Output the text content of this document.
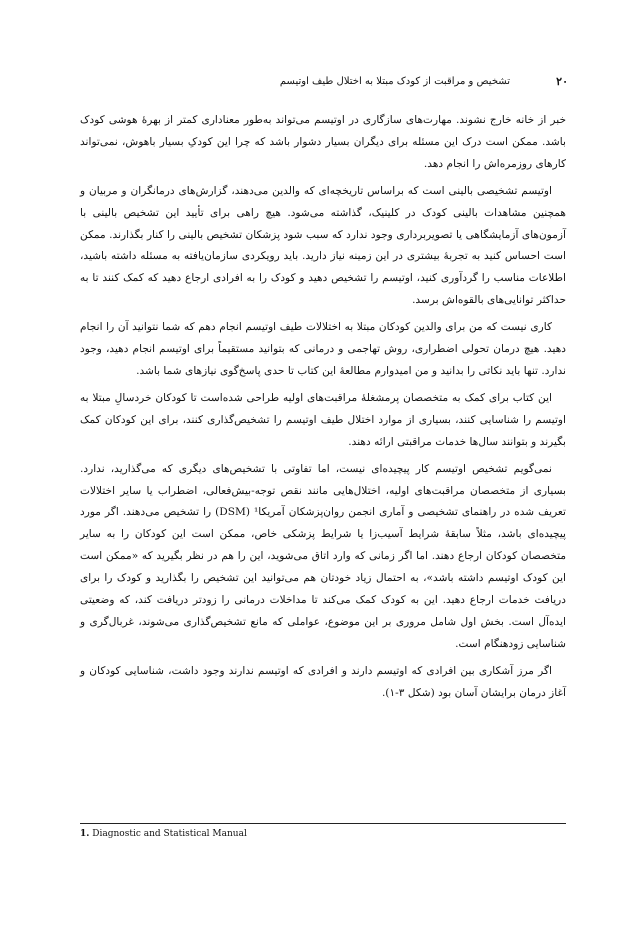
۲۰
تشخیص و مراقبت از کودک مبتلا به اختلال طیف اوتیسم

خبر از خانه خارج نشوند. مهارت‌های سازگاری در اوتیسم می‌تواند به‌طور معناداری کمتر از بهرهٔ هوشی کودک باشد. ممکن است درک این مسئله برای دیگران بسیار دشوار باشد که چرا این کودکِ بسیار باهوش، نمی‌تواند کارهای روزمره‌اش را انجام دهد.

اوتیسم تشخیصی بالینی است که براساس تاریخچه‌ای که والدین می‌دهند، گزارش‌های درمانگران و مربیان و همچنین مشاهدات بالینی کودک در کلینیک، گذاشته می‌شود. هیچ راهی برای تأیید این تشخیص بالینی با آزمون‌های آزمایشگاهی یا تصویربرداری وجود ندارد که سبب شود پزشکان تشخیص بالینی را کنار بگذارند. ممکن است احساس کنید به تجربهٔ بیشتری در این زمینه نیاز دارید. باید رویکردی سازمان‌یافته به مسئله داشته باشید، اطلاعات مناسب را گردآوری کنید، اوتیسم را تشخیص دهید و کودک را به افرادی ارجاع دهید که کمک کنند تا به حداکثر توانایی‌های بالقوه‌اش برسد.

کاری نیست که من برای والدین کودکان مبتلا به اختلالات طیف اوتیسم انجام دهم که شما نتوانید آن را انجام دهید. هیچ درمان تحولی اضطراری، روش تهاجمی و درمانی که بتوانید مستقیماً برای اوتیسم انجام دهید، وجود ندارد. تنها باید نکاتی را بدانید و من امیدوارم مطالعهٔ این کتاب تا حدی پاسخ‌گوی نیازهای شما باشد.

این کتاب برای کمک به متخصصان پرمشغلهٔ مراقبت‌های اولیه طراحی شده‌است تا کودکان خردسالِ مبتلا به اوتیسم را شناسایی کنند، بسیاری از موارد اختلال طیف اوتیسم را تشخیص‌گذاری کنند، برای این کودکان کمک بگیرند و بتوانند سال‌ها خدمات مراقبتی ارائه دهند.

نمی‌گویم تشخیص اوتیسم کار پیچیده‌ای نیست، اما تفاوتی با تشخیص‌های دیگری که می‌گذارید، ندارد. بسیاری از متخصصان مراقبت‌های اولیه، اختلال‌هایی مانند نقص توجه-بیش‌فعالی، اضطراب یا سایر اختلالات تعریف شده در راهنمای تشخیصی و آماری انجمن روان‌پزشکان آمریکا¹ (DSM) را تشخیص می‌دهند. اگر مورد پیچیده‌ای باشد، مثلاً سابقهٔ شرایط آسیب‌زا یا شرایط پزشکی خاص، ممکن است این کودکان را به سایر متخصصان کودکان ارجاع دهند. اما اگر زمانی که وارد اتاق می‌شوید، این را هم در نظر بگیرید که «ممکن است این کودک اوتیسم داشته باشد»، به احتمال زیاد خودتان هم می‌توانید این تشخیص را بگذارید و کودک را برای دریافت خدمات ارجاع دهید. این به کودک کمک می‌کند تا مداخلات درمانی را زودتر دریافت کند، که وضعیتی ایده‌آل است. بخش اول شامل مروری بر این موضوع، عواملی که مانع تشخیص‌گذاری می‌شوند، غربال‌گری و شناسایی زودهنگام است.

اگر مرز آشکاری بین افرادی که اوتیسم دارند و افرادی که اوتیسم ندارند وجود داشت، شناسایی کودکان و آغاز درمان برایشان آسان بود (شکل ۳-۱).

1. Diagnostic and Statistical Manual
